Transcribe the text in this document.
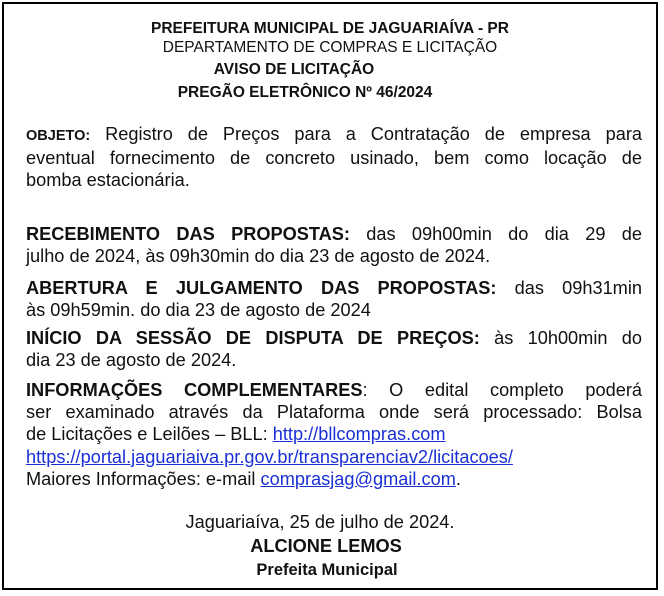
PREFEITURA MUNICIPAL DE JAGUARIAÍVA - PR
DEPARTAMENTO DE COMPRAS E LICITAÇÃO
AVISO DE LICITAÇÃO
PREGÃO ELETRÔNICO Nº 46/2024
OBJETO: Registro de Preços para a Contratação de empresa para
eventual fornecimento de concreto usinado, bem como locação de
bomba estacionária.
RECEBIMENTO DAS PROPOSTAS: das 09h00min do dia 29 de
julho de 2024, às 09h30min do dia 23 de agosto de 2024.
ABERTURA E JULGAMENTO DAS PROPOSTAS: das 09h31min
às 09h59min. do dia 23 de agosto de 2024
INÍCIO DA SESSÃO DE DISPUTA DE PREÇOS: às 10h00min do
dia 23 de agosto de 2024.
INFORMAÇÕES COMPLEMENTARES: O edital completo poderá
ser examinado através da Plataforma onde será processado: Bolsa
de Licitações e Leilões – BLL: http://bllcompras.com
https://portal.jaguariaiva.pr.gov.br/transparenciav2/licitacoes/
Maiores Informações: e-mail comprasjag@gmail.com.
Jaguariaíva, 25 de julho de 2024.
ALCIONE LEMOS
Prefeita Municipal
